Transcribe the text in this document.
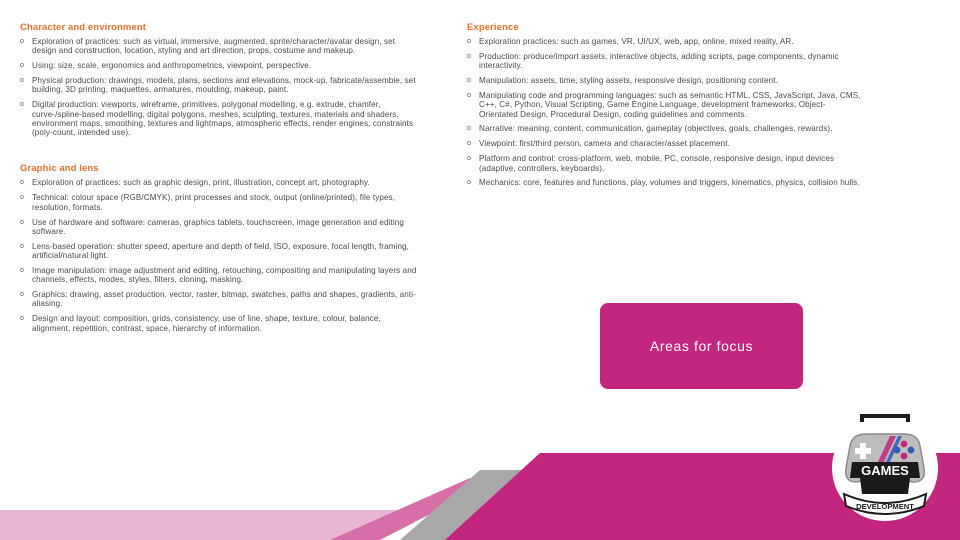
Character and environment
o Exploration of practices: such as virtual, immersive, augmented, sprite/character/avatar design, set design and construction, location, styling and art direction, props, costume and makeup.
o Using: size, scale, ergonomics and anthropometrics, viewpoint, perspective.
o Physical production: drawings, models, plans, sections and elevations, mock-up, fabricate/assemble, set building, 3D printing, maquettes, armatures, moulding, makeup, paint.
o Digital production: viewports, wireframe, primitives, polygonal modelling, e.g. extrude, chamfer, curve-/spline-based modelling, digital polygons, meshes, sculpting, textures, materials and shaders, environment maps, smoothing, textures and lightmaps, atmospheric effects, render engines, constraints (poly-count, intended use).
Graphic and lens
o Exploration of practices: such as graphic design, print, illustration, concept art, photography.
o Technical: colour space (RGB/CMYK), print processes and stock, output (online/printed), file types, resolution, formats.
o Use of hardware and software: cameras, graphics tablets, touchscreen, image generation and editing software.
o Lens-based operation: shutter speed, aperture and depth of field, ISO, exposure, focal length, framing, artificial/natural light.
o Image manipulation: image adjustment and editing, retouching, compositing and manipulating layers and channels, effects, modes, styles, filters, cloning, masking.
o Graphics: drawing, asset production, vector, raster, bitmap, swatches, paths and shapes, gradients, anti-aliasing.
o Design and layout: composition, grids, consistency, use of line, shape, texture, colour, balance, alignment, repetition, contrast, space, hierarchy of information.
Experience
o Exploration practices: such as games, VR, UI/UX, web, app, online, mixed reality, AR.
o Production: produce/import assets, interactive objects, adding scripts, page components, dynamic interactivity.
o Manipulation: assets, time, styling assets, responsive design, positioning content.
o Manipulating code and programming languages: such as semantic HTML, CSS, JavaScript, Java, CMS, C++, C#, Python, Visual Scripting, Game Engine Language, development frameworks, Object-Orientated Design, Procedural Design, coding guidelines and comments.
o Narrative: meaning, content, communication, gameplay (objectives, goals, challenges, rewards).
o Viewpoint: first/third person, camera and character/asset placement.
o Platform and control: cross-platform, web, mobile, PC, console, responsive design, input devices (adaptive, controllers, keyboards).
o Mechanics: core, features and functions, play, volumes and triggers, kinematics, physics, collision hulls.
Areas for focus
GAMES
DEVELOPMENT
